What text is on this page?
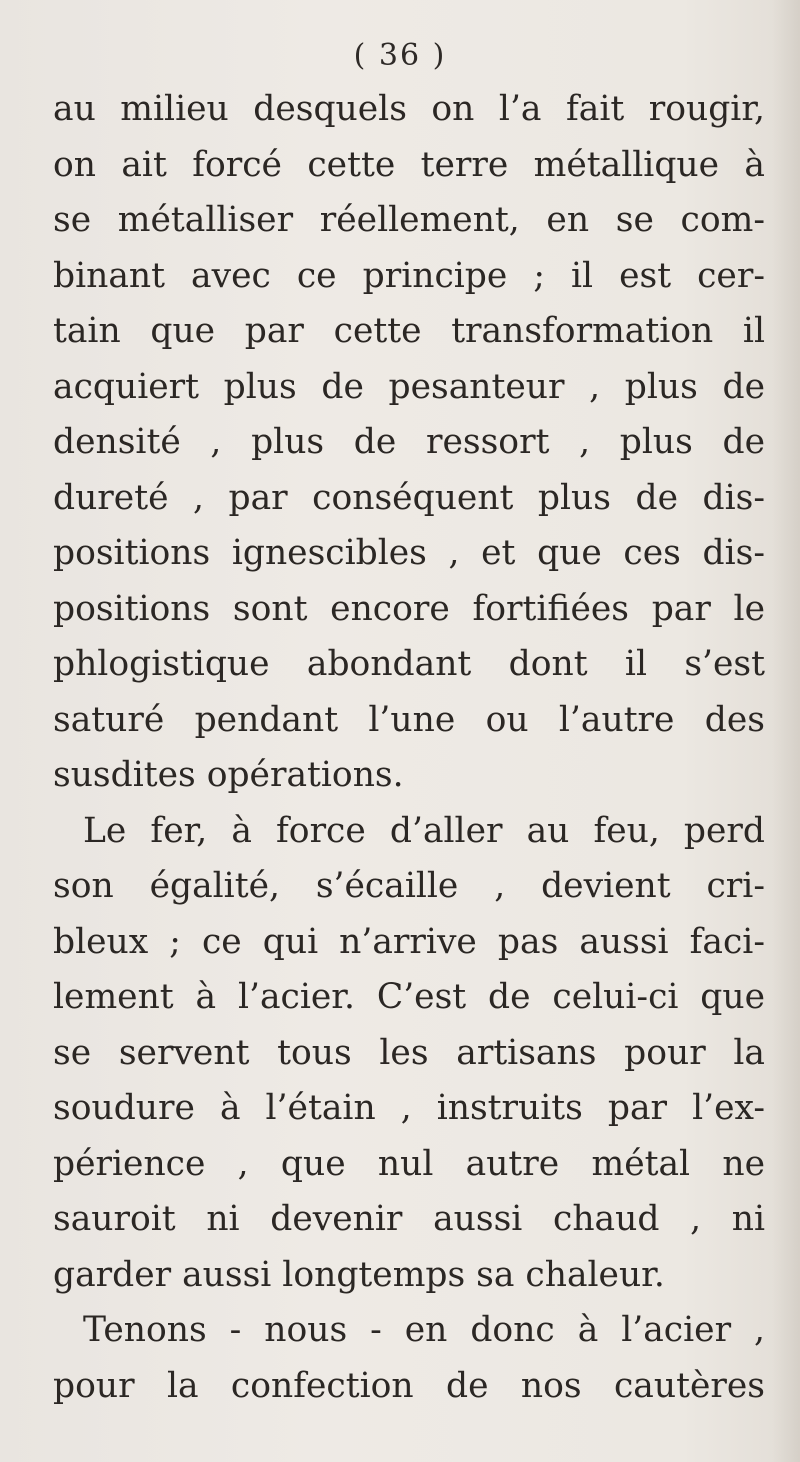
( 36 )
au milieu desquels on l’a fait rougir,
on ait forcé cette terre métallique à
se métalliser réellement, en se com-
binant avec ce principe ; il est cer-
tain que par cette transformation il
acquiert plus de pesanteur , plus de
densité , plus de ressort , plus de
dureté , par conséquent plus de dis-
positions ignescibles , et que ces dis-
positions sont encore fortifiées par le
phlogistique abondant dont il s’est
saturé pendant l’une ou l’autre des
susdites opérations.
Le fer, à force d’aller au feu, perd
son égalité, s’écaille , devient cri-
bleux ; ce qui n’arrive pas aussi faci-
lement à l’acier. C’est de celui-ci que
se servent tous les artisans pour la
soudure à l’étain , instruits par l’ex-
périence , que nul autre métal ne
sauroit ni devenir aussi chaud , ni
garder aussi longtemps sa chaleur.
Tenons - nous - en donc à l’acier ,
pour la confection de nos cautères
